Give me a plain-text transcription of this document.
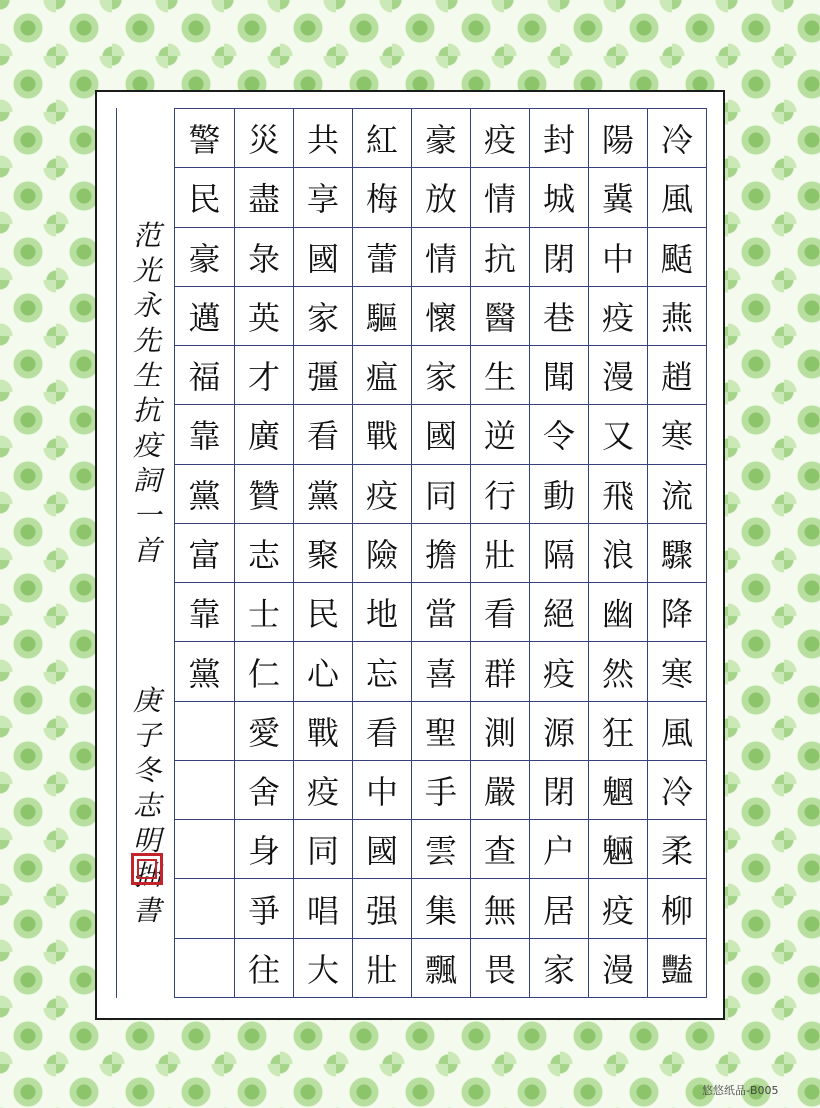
范
光
永
先
生
抗
疫
詞
一
首
庚
子
冬
志
明
拙
書
冷
風
颳
燕
趙
寒
流
驟
降
寒
風
冷
柔
柳
豔
陽
冀
中
疫
漫
又
飛
浪
幽
然
狂
魍
魎
疫
漫
封
城
閉
巷
聞
令
動
隔
絕
疫
源
閉
户
居
家
疫
情
抗
醫
生
逆
行
壯
看
群
測
嚴
查
無
畏
豪
放
情
懷
家
國
同
擔
當
喜
聖
手
雲
集
飄
紅
梅
蕾
驅
瘟
戰
疫
險
地
忘
看
中
國
强
壯
共
享
國
家
彊
看
黨
聚
民
心
戰
疫
同
唱
大
災
盡
彔
英
才
廣
贊
志
士
仁
愛
舍
身
爭
往
警
民
豪
邁
福
靠
黨
富
靠
黨
悠悠纸品-B005
